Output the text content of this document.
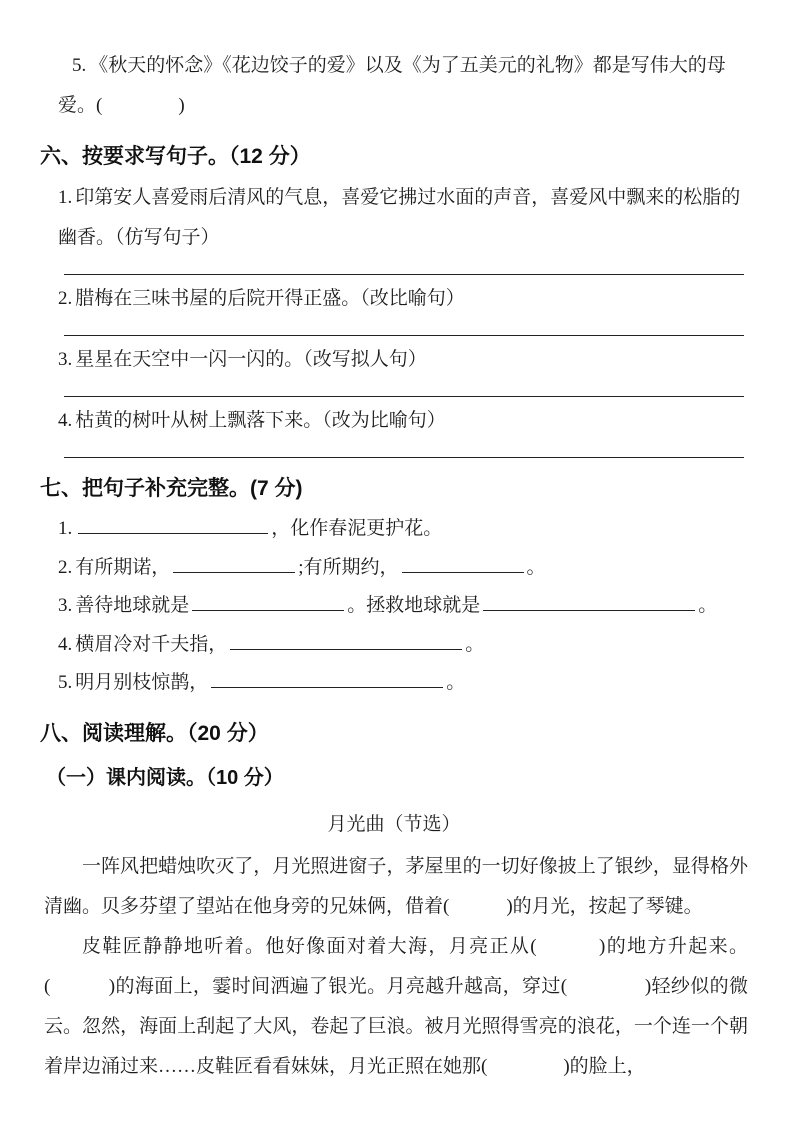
5. 《秋天的怀念》《花边饺子的爱》以及《为了五美元的礼物》都是写伟大的母爱。(　　　　)

六、按要求写句子。（12 分）

1. 印第安人喜爱雨后清风的气息，喜爱它拂过水面的声音，喜爱风中飘来的松脂的幽香。（仿写句子）

2. 腊梅在三味书屋的后院开得正盛。（改比喻句）

3. 星星在天空中一闪一闪的。（改写拟人句）

4. 枯黄的树叶从树上飘落下来。（改为比喻句）

七、把句子补充完整。(7 分)

1.	，化作春泥更护花。

2. 有所期诺，	;有所期约，	。

3. 善待地球就是	。拯救地球就是	。

4. 横眉冷对千夫指，	。

5. 明月别枝惊鹊，	。

八、阅读理解。（20 分）
（一）课内阅读。（10 分）

月光曲（节选）

一阵风把蜡烛吹灭了，月光照进窗子，茅屋里的一切好像披上了银纱，显得格外清幽。贝多芬望了望站在他身旁的兄妹俩，借着(　　　)的月光，按起了琴键。

皮鞋匠静静地听着。他好像面对着大海，月亮正从(　　　)的地方升起来。(　　　)的海面上，霎时间洒遍了银光。月亮越升越高，穿过(　　　　)轻纱似的微云。忽然，海面上刮起了大风，卷起了巨浪。被月光照得雪亮的浪花，一个连一个朝着岸边涌过来……皮鞋匠看看妹妹，月光正照在她那(　　　　)的脸上，
